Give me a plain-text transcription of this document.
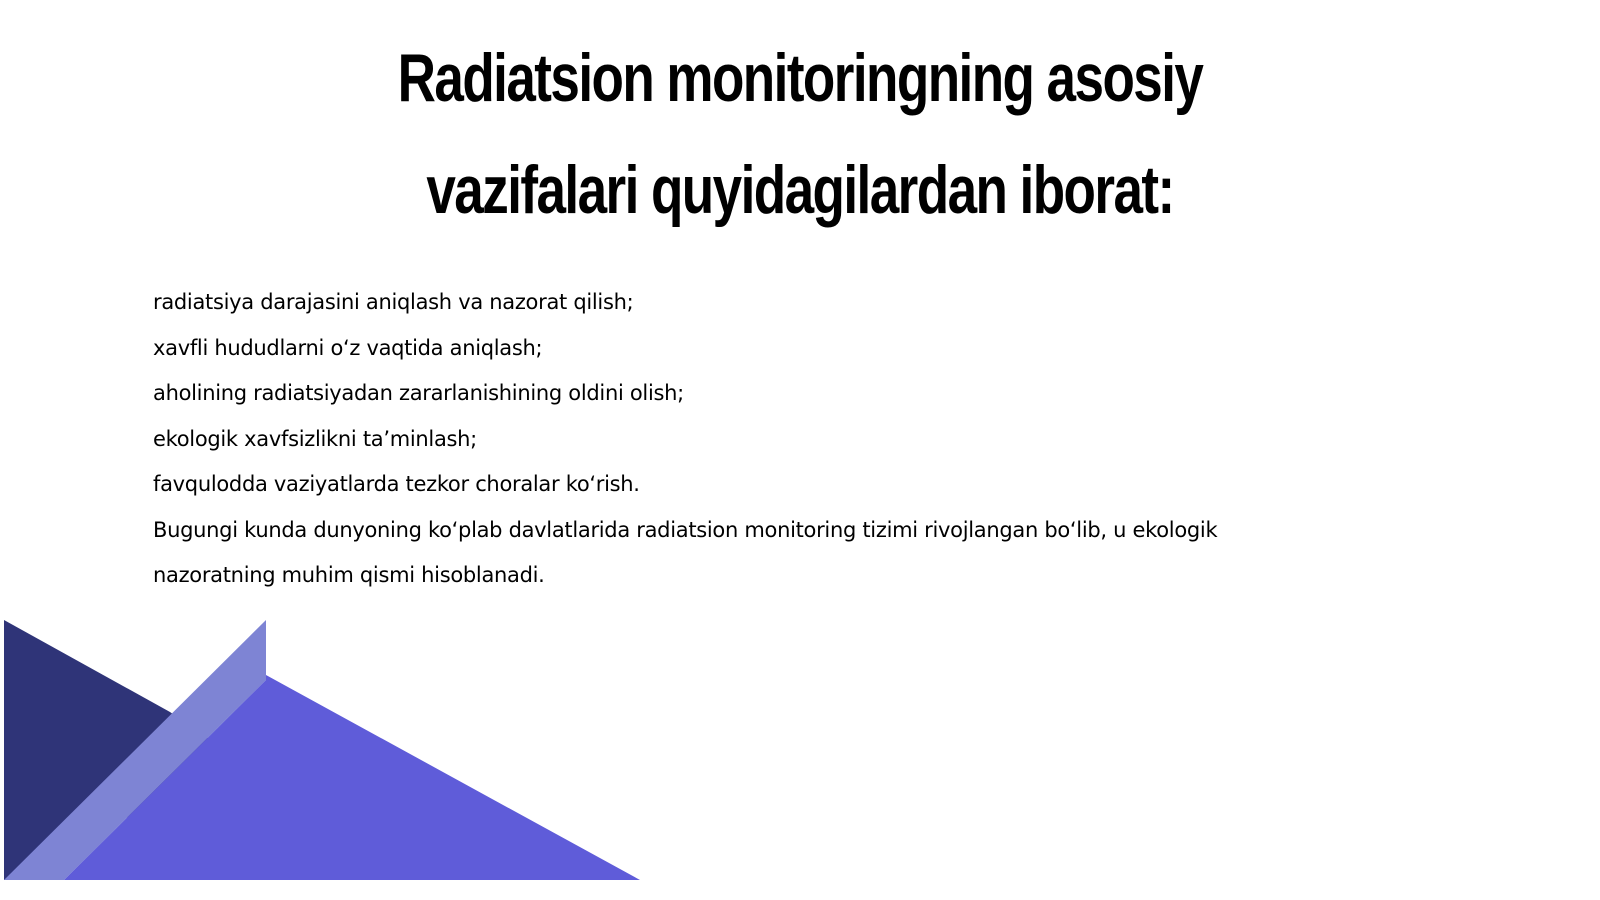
Radiatsion monitoringning asosiy
vazifalari quyidagilardan iborat:
radiatsiya darajasini aniqlash va nazorat qilish;
xavfli hududlarni o‘z vaqtida aniqlash;
aholining radiatsiyadan zararlanishining oldini olish;
ekologik xavfsizlikni ta’minlash;
favqulodda vaziyatlarda tezkor choralar ko‘rish.
Bugungi kunda dunyoning ko‘plab davlatlarida radiatsion monitoring tizimi rivojlangan bo‘lib, u ekologik
nazoratning muhim qismi hisoblanadi.
